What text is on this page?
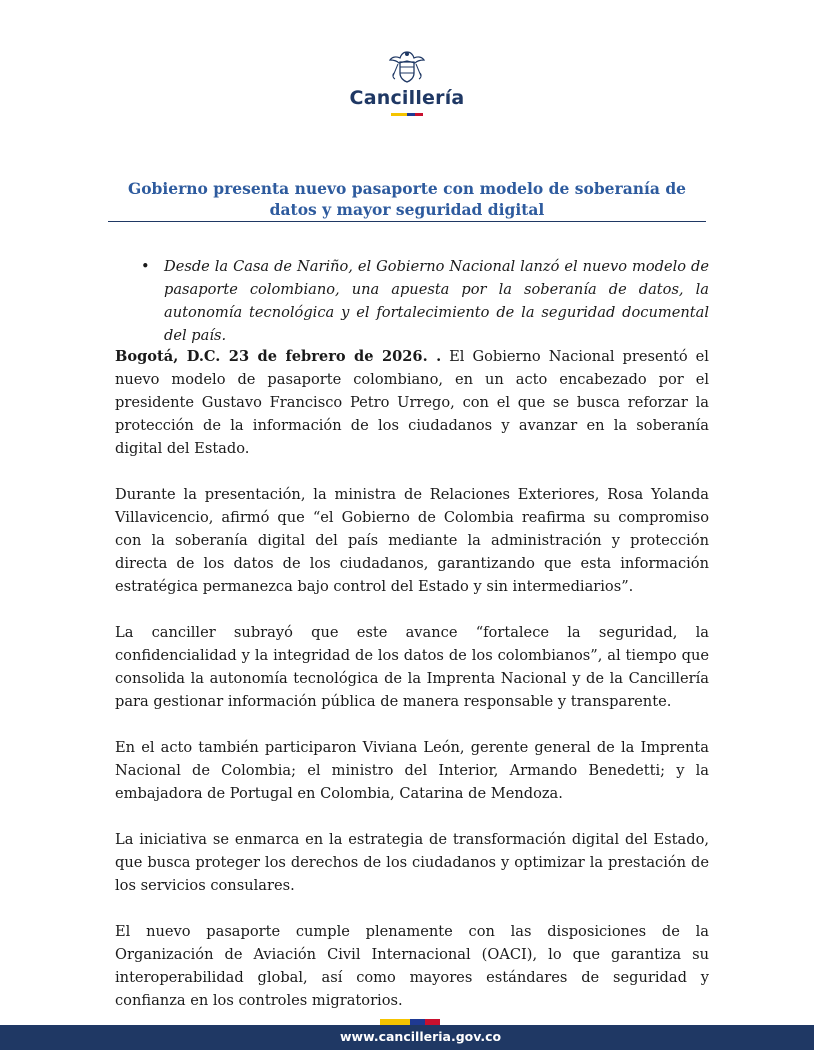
Cancillería
Gobierno presenta nuevo pasaporte con modelo de soberanía de datos y mayor seguridad digital
• Desde la Casa de Nariño, el Gobierno Nacional lanzó el nuevo modelo de pasaporte colombiano, una apuesta por la soberanía de datos, la autonomía tecnológica y el fortalecimiento de la seguridad documental del país.

Bogotá, D.C. 23 de febrero de 2026. . El Gobierno Nacional presentó el nuevo modelo de pasaporte colombiano, en un acto encabezado por el presidente Gustavo Francisco Petro Urrego, con el que se busca reforzar la protección de la información de los ciudadanos y avanzar en la soberanía digital del Estado.

Durante la presentación, la ministra de Relaciones Exteriores, Rosa Yolanda Villavicencio, afirmó que “el Gobierno de Colombia reafirma su compromiso con la soberanía digital del país mediante la administración y protección directa de los datos de los ciudadanos, garantizando que esta información estratégica permanezca bajo control del Estado y sin intermediarios”.

La canciller subrayó que este avance “fortalece la seguridad, la confidencialidad y la integridad de los datos de los colombianos”, al tiempo que consolida la autonomía tecnológica de la Imprenta Nacional y de la Cancillería para gestionar información pública de manera responsable y transparente.

En el acto también participaron Viviana León, gerente general de la Imprenta Nacional de Colombia; el ministro del Interior, Armando Benedetti; y la embajadora de Portugal en Colombia, Catarina de Mendoza.

La iniciativa se enmarca en la estrategia de transformación digital del Estado, que busca proteger los derechos de los ciudadanos y optimizar la prestación de los servicios consulares.

El nuevo pasaporte cumple plenamente con las disposiciones de la Organización de Aviación Civil Internacional (OACI), lo que garantiza su interoperabilidad global, así como mayores estándares de seguridad y confianza en los controles migratorios.

www.cancilleria.gov.co
